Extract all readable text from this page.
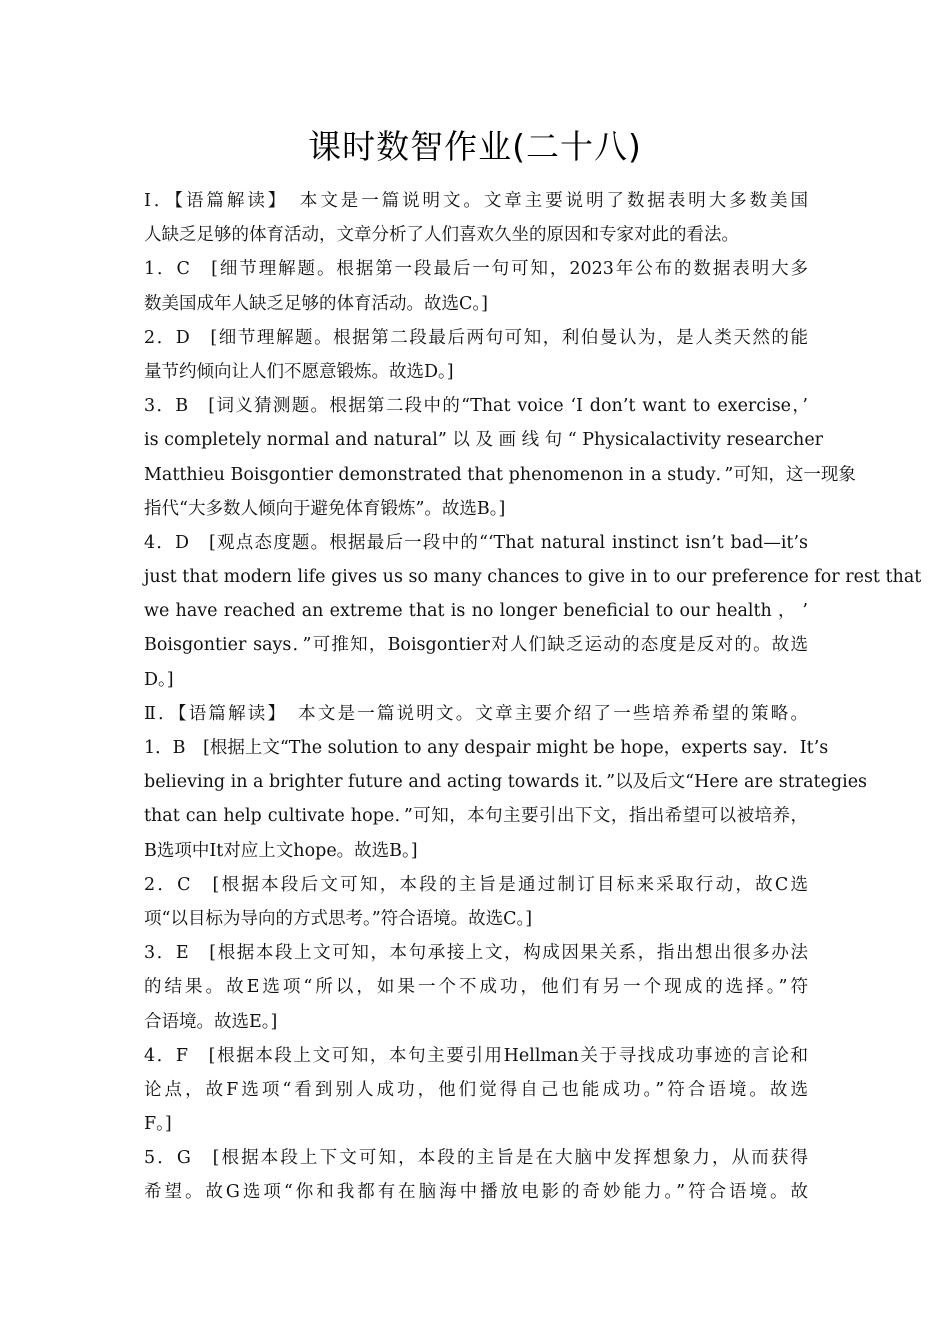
课时数智作业(二十八)
Ⅰ．【语篇解读】　本文是一篇说明文。文章主要说明了数据表明大多数美国
人缺乏足够的体育活动，文章分析了人们喜欢久坐的原因和专家对此的看法。
1．C　[细节理解题。根据第一段最后一句可知，2023年公布的数据表明大多
数美国成年人缺乏足够的体育活动。故选C。]
2．D　[细节理解题。根据第二段最后两句可知，利伯曼认为，是人类天然的能
量节约倾向让人们不愿意锻炼。故选D。]
3．B　[词义猜测题。根据第二段中的“That voice ‘I don’t want to exercise，’
is completely normal and natural” 以 及 画 线 句 “ Physicalactivity researcher
Matthieu Boisgontier demonstrated that phenomenon in a study．”可知，这一现象
指代“大多数人倾向于避免体育锻炼”。故选B。]
4．D　[观点态度题。根据最后一段中的“‘That natural instinct isn’t bad—it’s
just that modern life gives us so many chances to give in to our preference for rest that
we have reached an extreme that is no longer beneficial to our health ， ’
Boisgontier says．”可推知，Boisgontier对人们缺乏运动的态度是反对的。故选
D。]
Ⅱ．【语篇解读】　本文是一篇说明文。文章主要介绍了一些培养希望的策略。
1．B　[根据上文“The solution to any despair might be hope，experts say．It’s
believing in a brighter future and acting towards it．”以及后文“Here are strategies
that can help cultivate hope．”可知，本句主要引出下文，指出希望可以被培养，
B选项中It对应上文hope。故选B。]
2．C　[根据本段后文可知，本段的主旨是通过制订目标来采取行动，故C选
项“以目标为导向的方式思考。”符合语境。故选C。]
3．E　[根据本段上文可知，本句承接上文，构成因果关系，指出想出很多办法
的结果。故E选项“所以，如果一个不成功，他们有另一个现成的选择。”符
合语境。故选E。]
4．F　[根据本段上文可知，本句主要引用Hellman关于寻找成功事迹的言论和
论点，故F选项“看到别人成功，他们觉得自己也能成功。”符合语境。故选
F。]
5．G　[根据本段上下文可知，本段的主旨是在大脑中发挥想象力，从而获得
希望。故G选项“你和我都有在脑海中播放电影的奇妙能力。”符合语境。故
